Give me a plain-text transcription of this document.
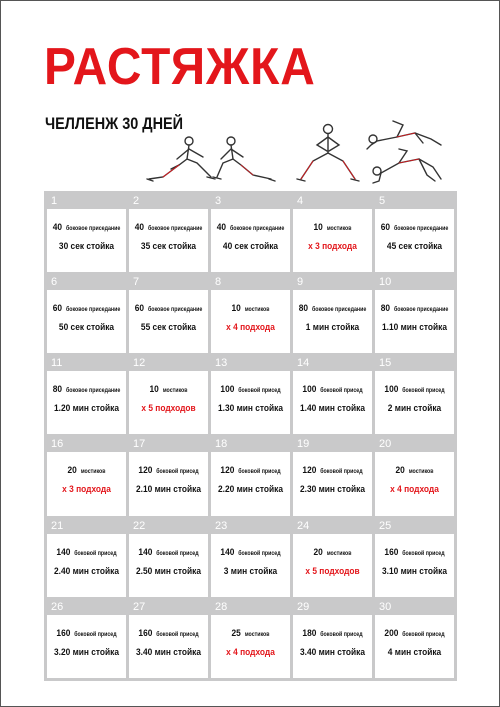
РАСТЯЖКА
ЧЕЛЛЕНЖ 30 ДНЕЙ
1
40 боковое приседание
30 сек стойка
2
40 боковое приседание
35 сек стойка
3
40 боковое приседание
40 сек стойка
4
10 мостиков
х 3 подхода
5
60 боковое приседание
45 сек стойка
6
60 боковое приседание
50 сек стойка
7
60 боковое приседание
55 сек стойка
8
10 мостиков
х 4 подхода
9
80 боковое приседание
1 мин стойка
10
80 боковое приседание
1.10 мин стойка
11
80 боковое приседание
1.20 мин стойка
12
10 мостиков
х 5 подходов
13
100 боковой присед
1.30 мин стойка
14
100 боковой присед
1.40 мин стойка
15
100 боковой присед
2 мин стойка
16
20 мостиков
х 3 подхода
17
120 боковой присед
2.10 мин стойка
18
120 боковой присед
2.20 мин стойка
19
120 боковой присед
2.30 мин стойка
20
20 мостиков
х 4 подхода
21
140 боковой присед
2.40 мин стойка
22
140 боковой присед
2.50 мин стойка
23
140 боковой присед
3 мин стойка
24
20 мостиков
х 5 подходов
25
160 боковой присед
3.10 мин стойка
26
160 боковой присед
3.20 мин стойка
27
160 боковой присед
3.40 мин стойка
28
25 мостиков
х 4 подхода
29
180 боковой присед
3.40 мин стойка
30
200 боковой присед
4 мин стойка
